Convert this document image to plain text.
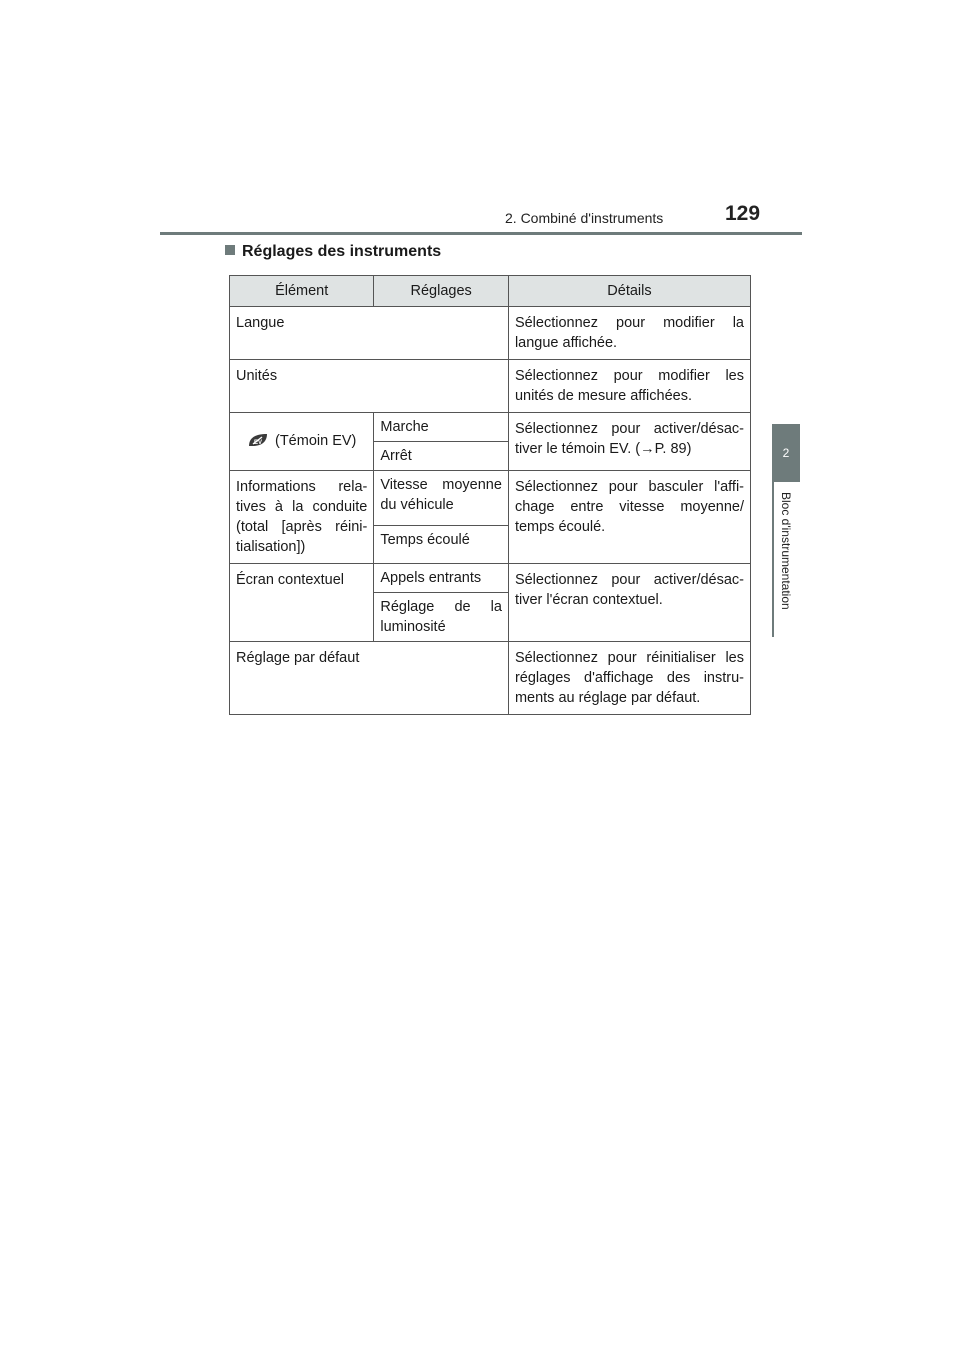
2. Combiné d'instruments	129
2
Bloc d'instrumentation
Réglages des instruments
Élément	Réglages	Détails
Langue		Sélectionnez pour modifier la langue affichée.
Unités		Sélectionnez pour modifier les unités de mesure affichées.

EV (Témoin EV)	Marche	Sélectionnez pour activer/désac-tiver le témoin EV. (→P. 89)
	Arrêt	
Informations rela-tives à la conduite (total [après réini-tialisation])	Vitesse moyenne du véhicule	Sélectionnez pour basculer l'affi-chage entre vitesse moyenne/ temps écoulé.
	Temps écoulé	
Écran contextuel	Appels entrants	Sélectionnez pour activer/désac-tiver l'écran contextuel.
	Réglage de la luminosité	
Réglage par défaut		Sélectionnez pour réinitialiser les réglages d'affichage des instru-ments au réglage par défaut.
